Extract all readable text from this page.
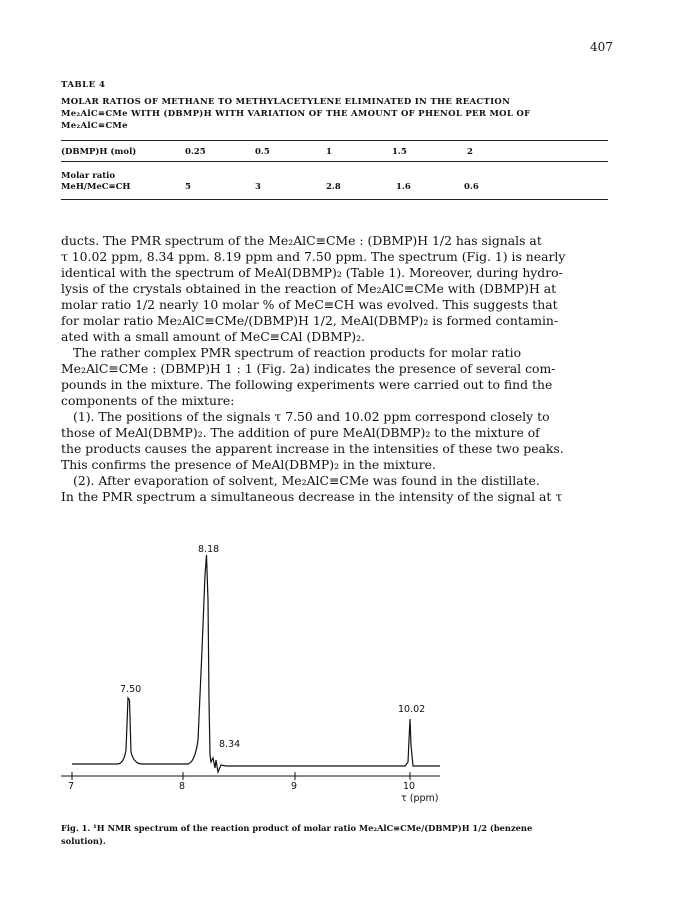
407
TABLE 4
MOLAR RATIOS OF METHANE TO METHYLACETYLENE ELIMINATED IN THE REACTION
Me₂AlC≡CMe WITH (DBMP)H WITH VARIATION OF THE AMOUNT OF PHENOL PER MOL OF
Me₂AlC≡CMe
(DBMP)H (mol)	0.25	0.5	1	1.5	2
Molar ratio
MeH/MeC≡CH	5	3	2.8	1.6	0.6

ducts. The PMR spectrum of the Me₂AlC≡CMe : (DBMP)H 1/2 has signals at

τ 10.02 ppm, 8.34 ppm. 8.19 ppm and 7.50 ppm. The spectrum (Fig. 1) is nearly

identical with the spectrum of MeAl(DBMP)₂ (Table 1). Moreover, during hydro-

lysis of the crystals obtained in the reaction of Me₂AlC≡CMe with (DBMP)H at

molar ratio 1/2 nearly 10 molar % of MeC≡CH was evolved. This suggests that

for molar ratio Me₂AlC≡CMe/(DBMP)H 1/2, MeAl(DBMP)₂ is formed contamin-

ated with a small amount of MeC≡CAl (DBMP)₂.

The rather complex PMR spectrum of reaction products for molar ratio

Me₂AlC≡CMe : (DBMP)H 1 : 1 (Fig. 2a) indicates the presence of several com-

pounds in the mixture. The following experiments were carried out to find the

components of the mixture:

(1). The positions of the signals τ 7.50 and 10.02 ppm correspond closely to

those of MeAl(DBMP)₂. The addition of pure MeAl(DBMP)₂ to the mixture of

the products causes the apparent increase in the intensities of these two peaks.

This confirms the presence of MeAl(DBMP)₂ in the mixture.

(2). After evaporation of solvent, Me₂AlC≡CMe was found in the distillate.

In the PMR spectrum a simultaneous decrease in the intensity of the signal at τ

8.18
7.50
10.02
8.34
7	8	9	10
τ (ppm)
Fig. 1. ¹H NMR spectrum of the reaction product of molar ratio Me₂AlC≡CMe/(DBMP)H 1/2 (benzene
solution).
